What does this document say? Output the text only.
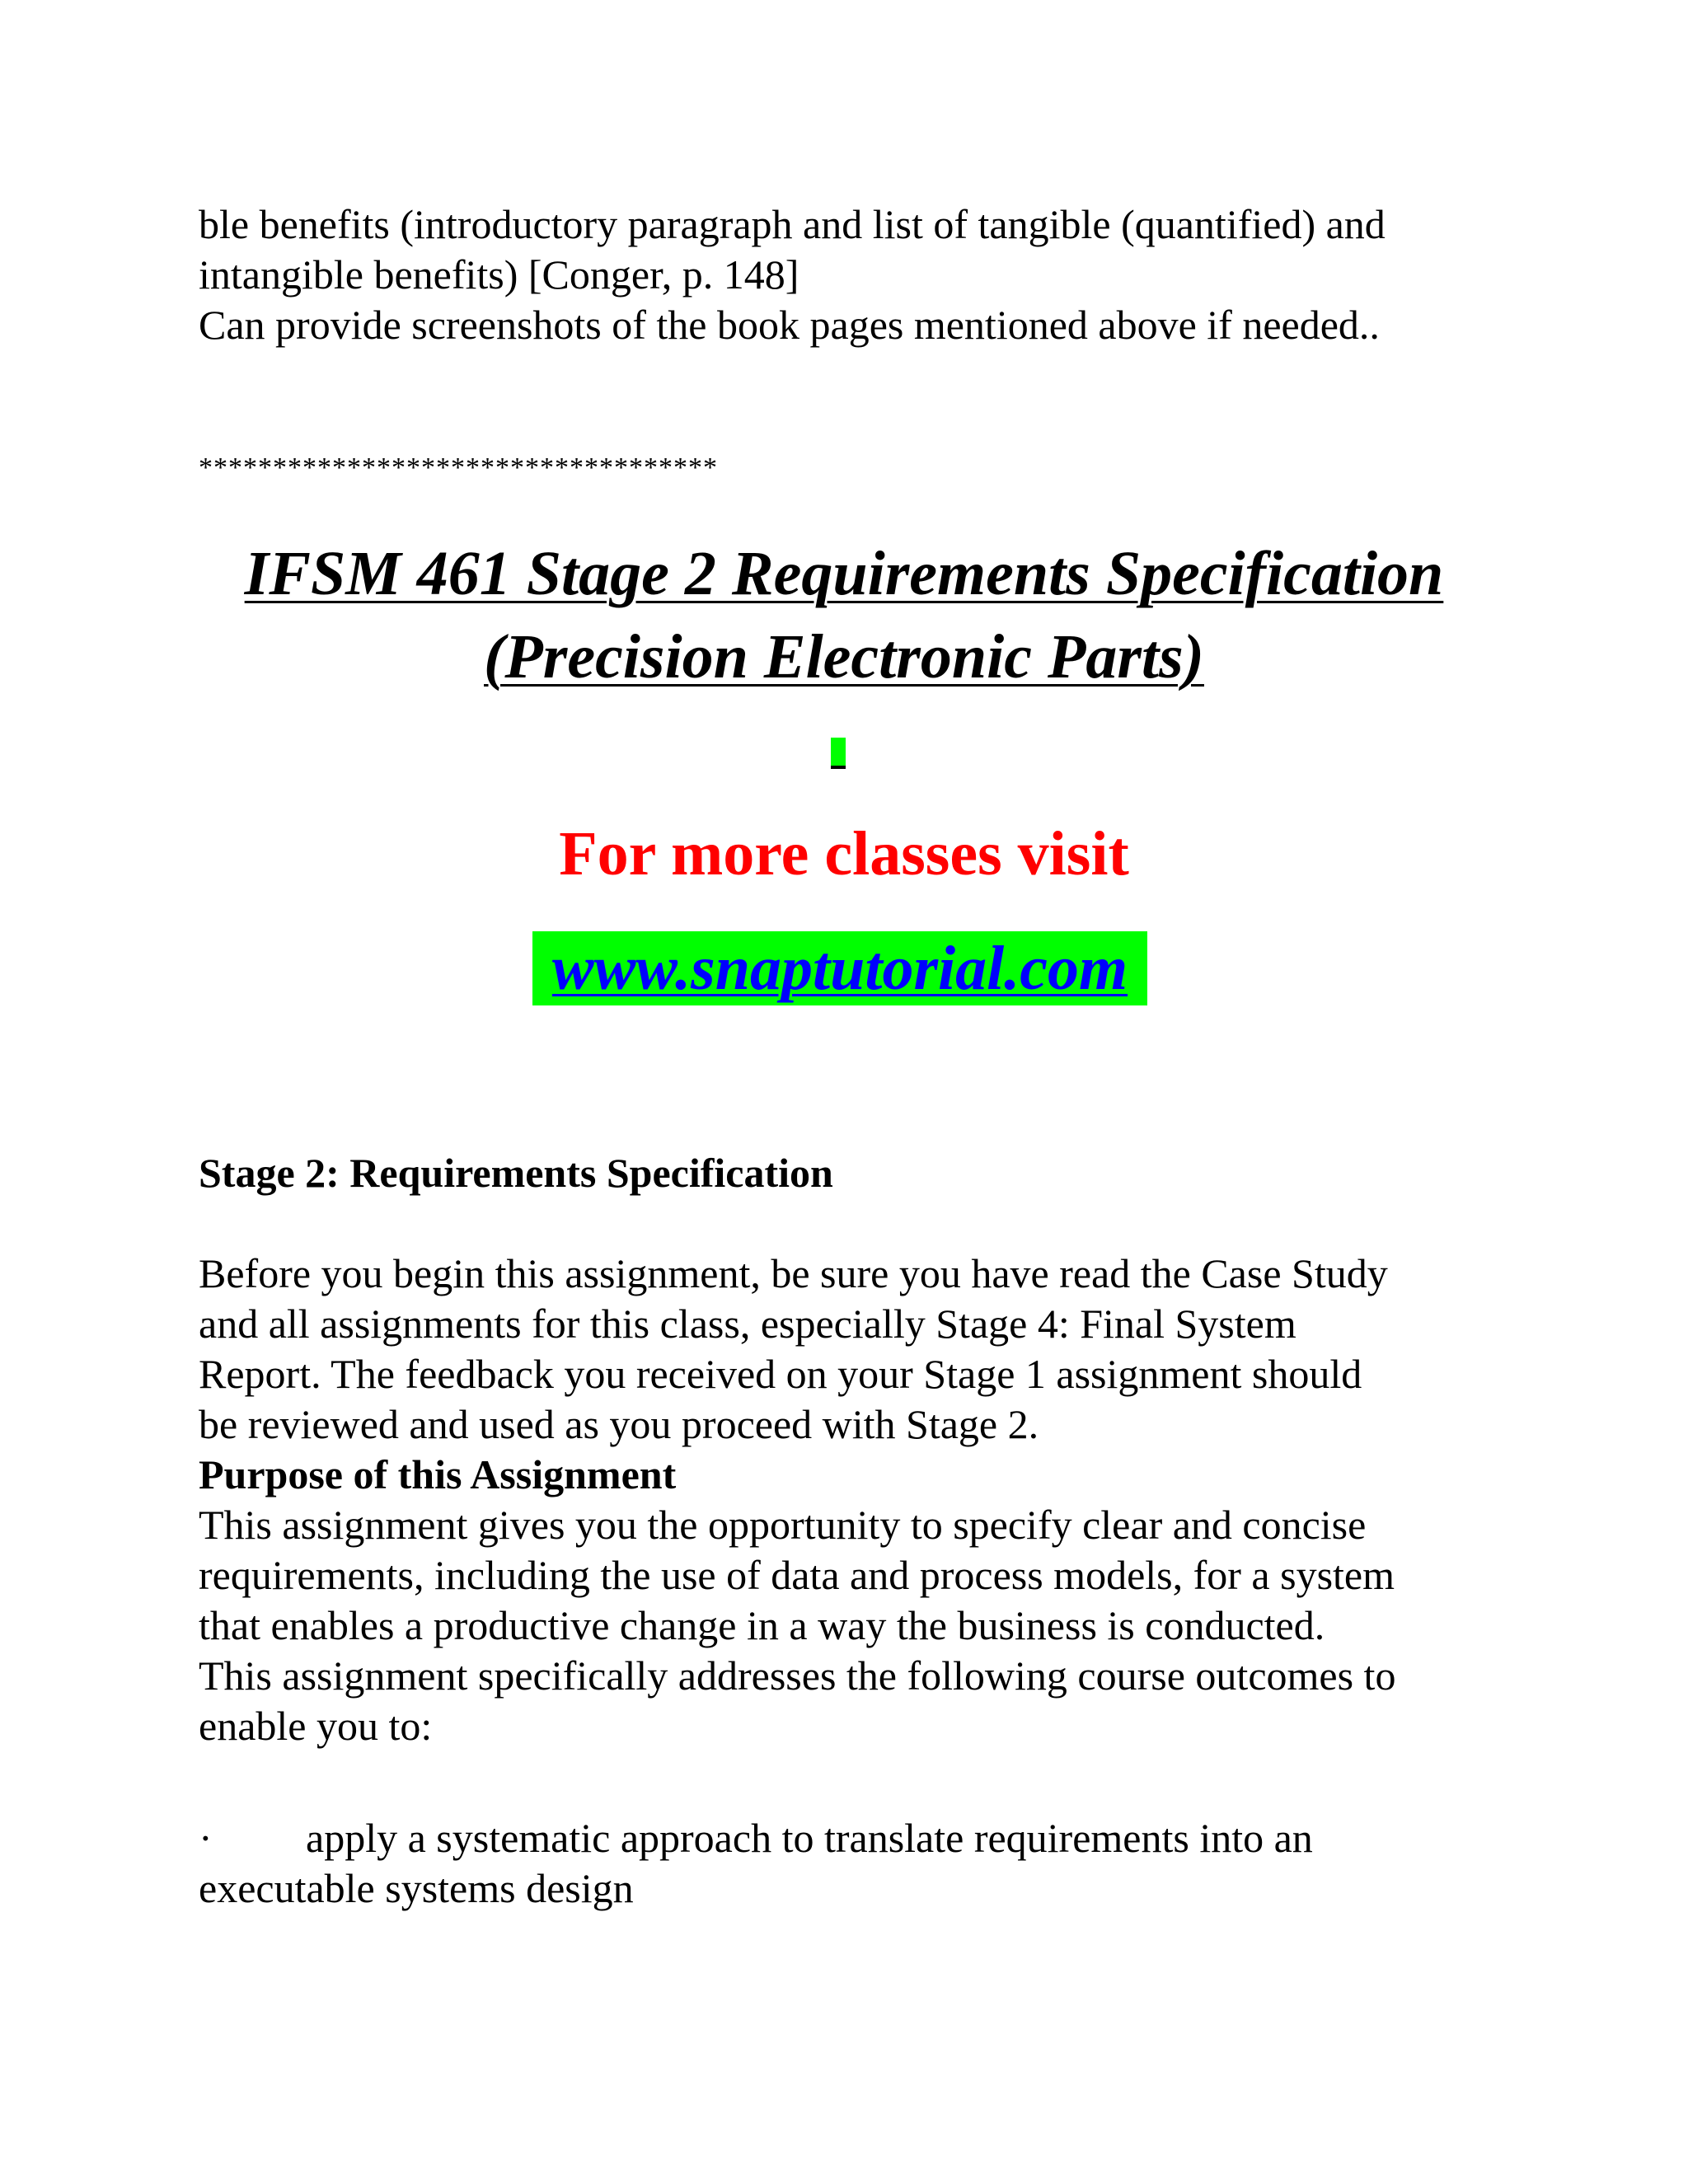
ble benefits (introductory paragraph and list of tangible (quantified) and
intangible benefits) [Conger, p. 148]
Can provide screenshots of the book pages mentioned above if needed..
***********************************
IFSM 461 Stage 2 Requirements Specification
(Precision Electronic Parts)
For more classes visit
www.snaptutorial.com
Stage 2: Requirements Specification
Before you begin this assignment, be sure you have read the Case Study
and all assignments for this class, especially Stage 4: Final System
Report. The feedback you received on your Stage 1 assignment should
be reviewed and used as you proceed with Stage 2.
Purpose of this Assignment
This assignment gives you the opportunity to specify clear and concise
requirements, including the use of data and process models, for a system
that enables a productive change in a way the business is conducted.
This assignment specifically addresses the following course outcomes to
enable you to:
· apply a systematic approach to translate requirements into an
executable systems design
